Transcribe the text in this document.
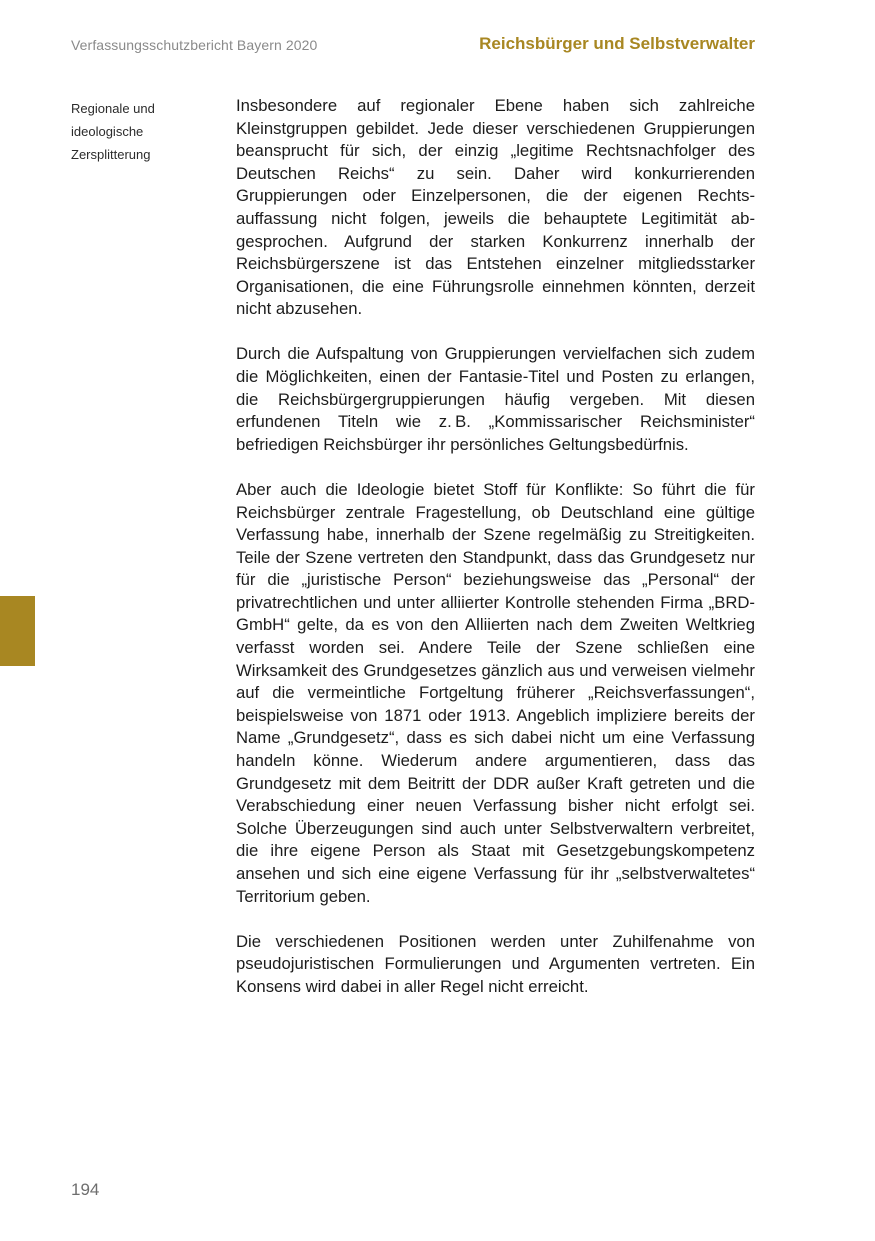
Verfassungsschutzbericht Bayern 2020	Reichsbürger und Selbstverwalter
Regionale und
ideologische
Zersplitterung

Insbesondere auf regionaler Ebene haben sich zahlreiche Kleinstgruppen gebildet. Jede dieser verschiedenen Gruppierungen beansprucht für sich, der einzig „legitime Rechtsnachfolger des Deutschen Reichs“ zu sein. Daher wird konkurrierenden Gruppierungen oder Einzelpersonen, die der eigenen Rechtsauffassung nicht folgen, jeweils die behauptete Legitimität abgesprochen. Aufgrund der starken Konkurrenz innerhalb der Reichsbürgerszene ist das Entstehen einzelner mitgliedsstarker Organisationen, die eine Führungsrolle einnehmen könnten, derzeit nicht abzusehen.

Durch die Aufspaltung von Gruppierungen vervielfachen sich zudem die Möglichkeiten, einen der Fantasie-Titel und Posten zu erlangen, die Reichsbürgergruppierungen häufig vergeben. Mit diesen erfundenen Titeln wie z. B. „Kommissarischer Reichsminister“ befriedigen Reichsbürger ihr persönliches Geltungsbedürfnis.

Aber auch die Ideologie bietet Stoff für Konflikte: So führt die für Reichsbürger zentrale Fragestellung, ob Deutschland eine gültige Verfassung habe, innerhalb der Szene regelmäßig zu Streitigkeiten. Teile der Szene vertreten den Standpunkt, dass das Grundgesetz nur für die „juristische Person“ beziehungsweise das „Personal“ der privatrechtlichen und unter alliierter Kontrolle stehenden Firma „BRD-GmbH“ gelte, da es von den Alliierten nach dem Zweiten Weltkrieg verfasst worden sei. Andere Teile der Szene schließen eine Wirksamkeit des Grundgesetzes gänzlich aus und verweisen vielmehr auf die vermeintliche Fortgeltung früherer „Reichsverfassungen“, beispielsweise von 1871 oder 1913. Angeblich impliziere bereits der Name „Grundgesetz“, dass es sich dabei nicht um eine Verfassung handeln könne. Wiederum andere argumentieren, dass das Grundgesetz mit dem Beitritt der DDR außer Kraft getreten und die Verabschiedung einer neuen Verfassung bisher nicht erfolgt sei. Solche Überzeugungen sind auch unter Selbstverwaltern verbreitet, die ihre eigene Person als Staat mit Gesetzgebungskompetenz ansehen und sich eine eigene Verfassung für ihr „selbstverwaltetes“ Territorium geben.

Die verschiedenen Positionen werden unter Zuhilfenahme von pseudojuristischen Formulierungen und Argumenten vertreten. Ein Konsens wird dabei in aller Regel nicht erreicht.

194
